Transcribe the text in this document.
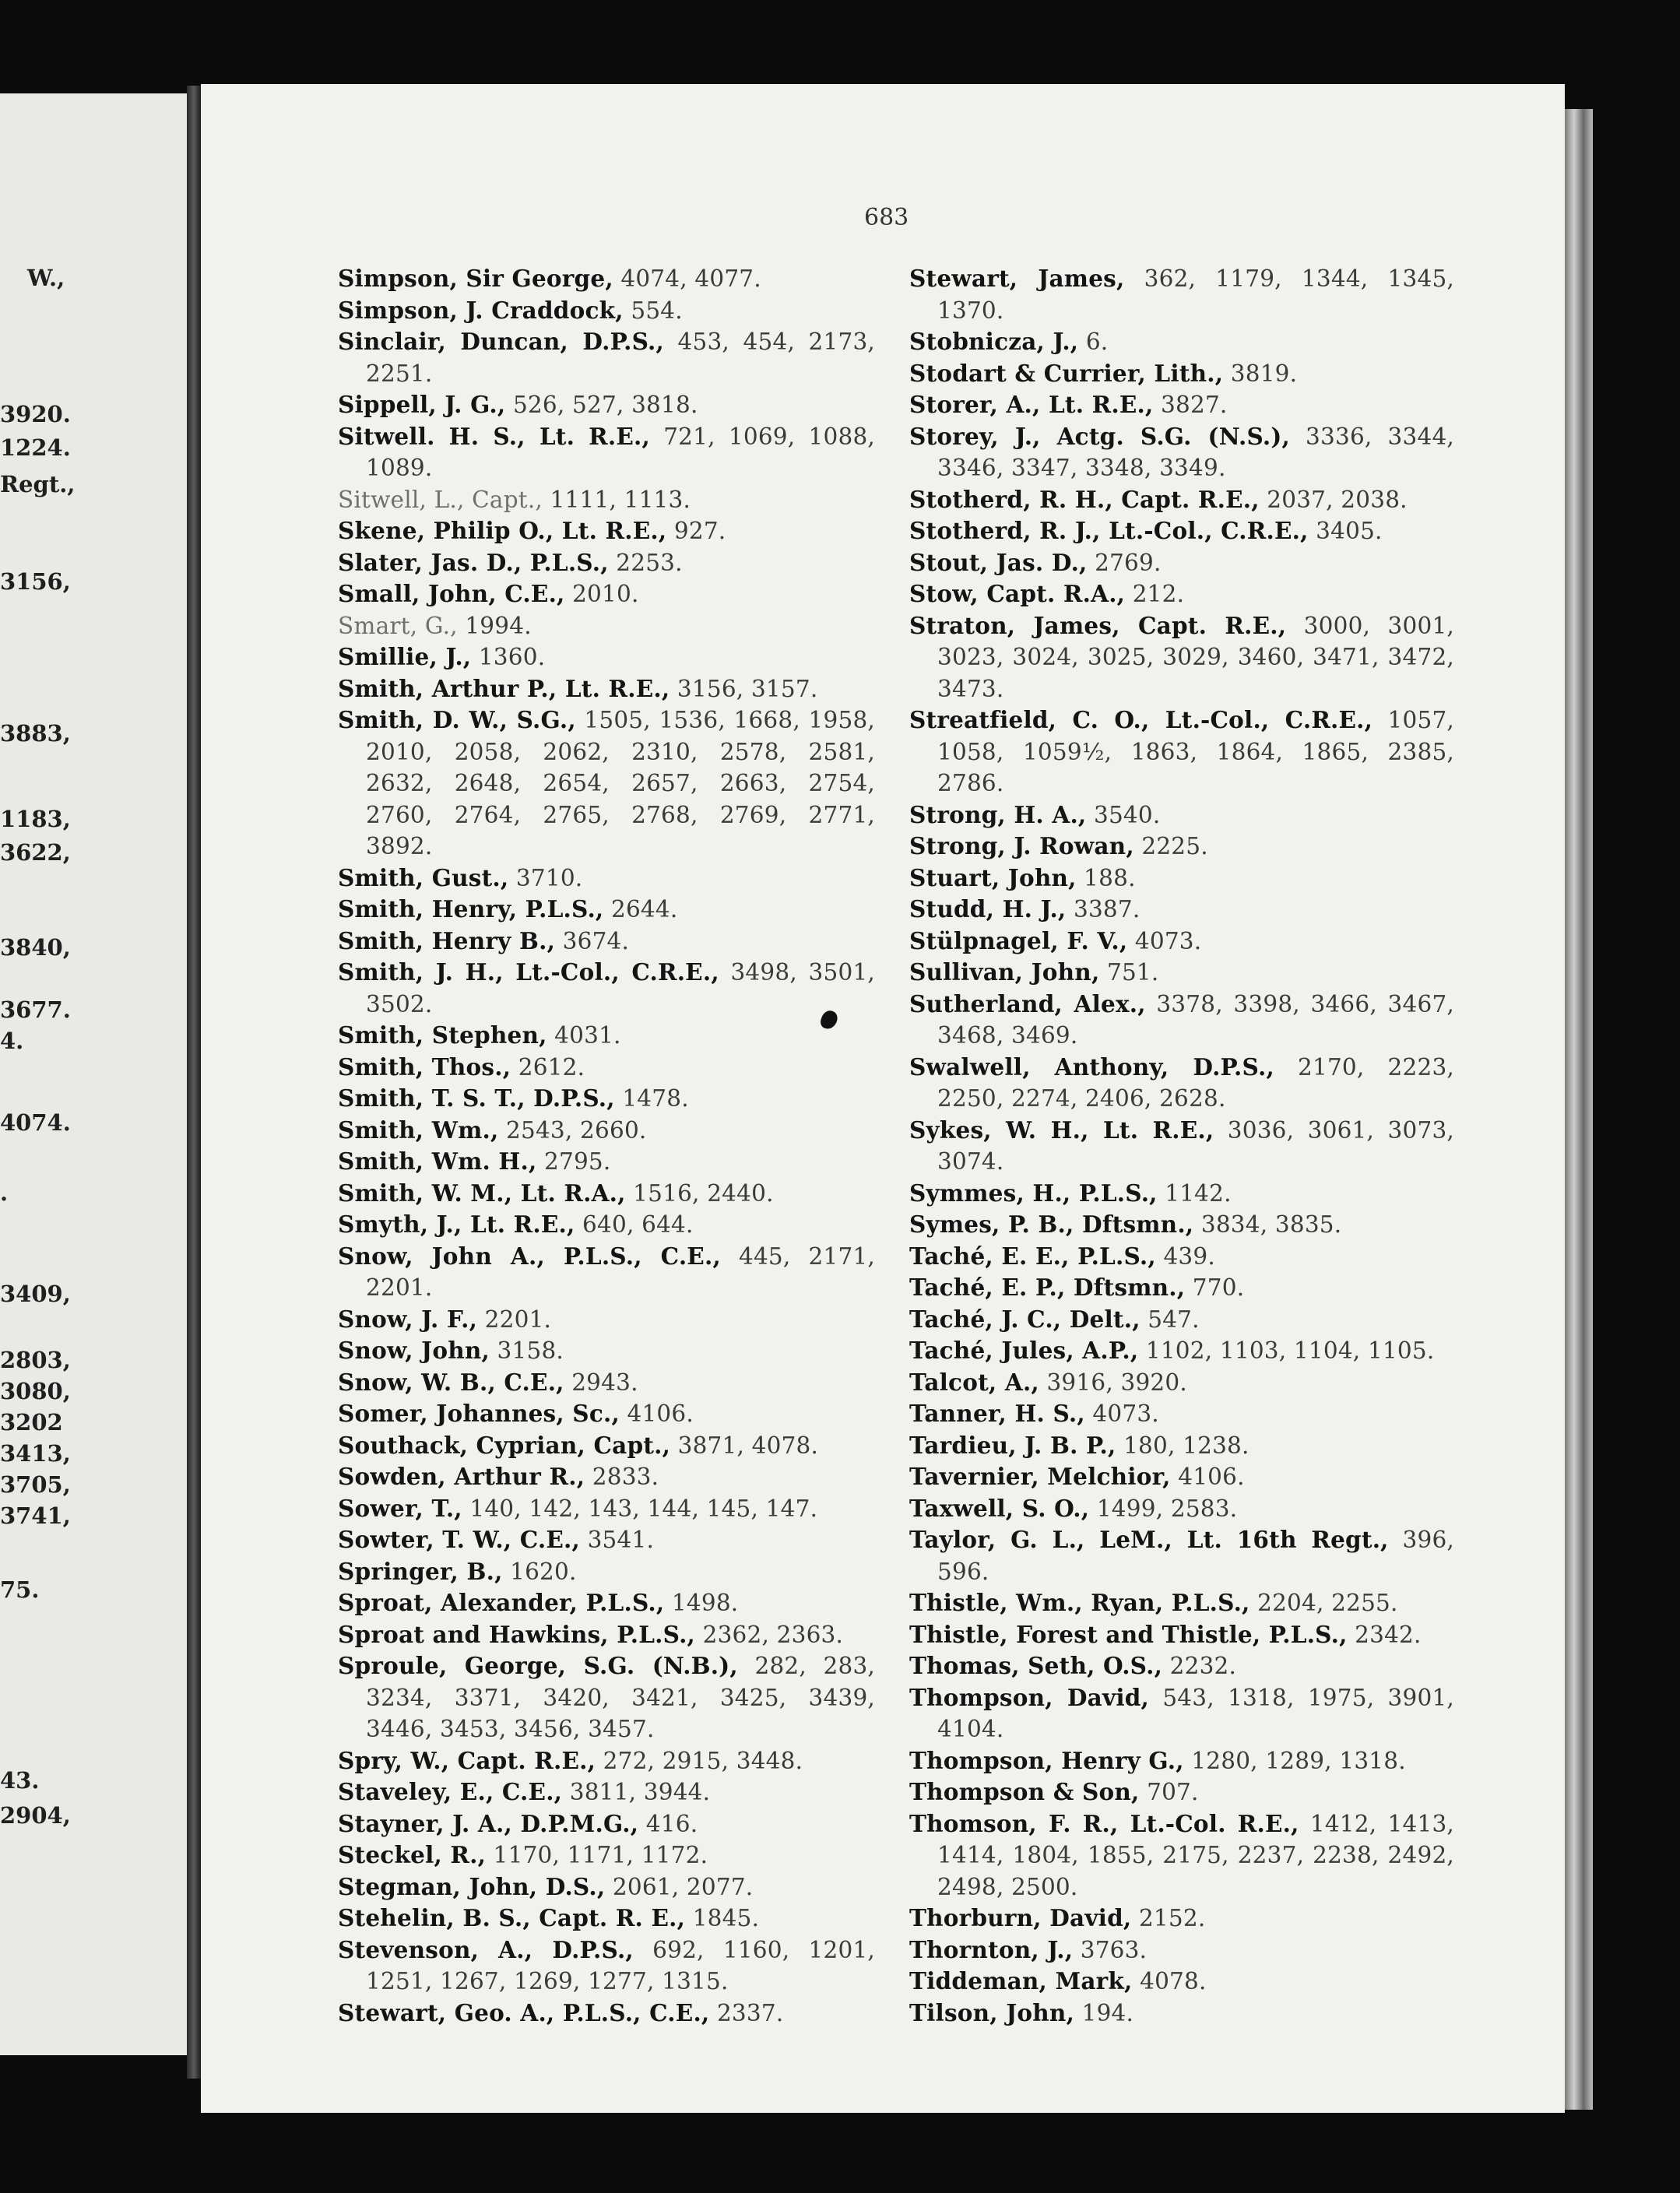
W.,
3920.
1224.
Regt.,
3156,
3883,
1183,
3622,
3840,
3677.
4.
4074.
.
3409,
2803,
3080,
3202
3413,
3705,
3741,
75.
43.
2904,
683
Simpson, Sir George, 4074, 4077.
Simpson, J. Craddock, 554.
Sinclair, Duncan, D.P.S., 453, 454, 2173, 2251.
Sippell, J. G., 526, 527, 3818.
Sitwell. H. S., Lt. R.E., 721, 1069, 1088, 1089.
Sitwell, L., Capt., 1111, 1113.
Skene, Philip O., Lt. R.E., 927.
Slater, Jas. D., P.L.S., 2253.
Small, John, C.E., 2010.
Smart, G., 1994.
Smillie, J., 1360.
Smith, Arthur P., Lt. R.E., 3156, 3157.
Smith, D. W., S.G., 1505, 1536, 1668, 1958, 2010, 2058, 2062, 2310, 2578, 2581, 2632, 2648, 2654, 2657, 2663, 2754, 2760, 2764, 2765, 2768, 2769, 2771, 3892.
Smith, Gust., 3710.
Smith, Henry, P.L.S., 2644.
Smith, Henry B., 3674.
Smith, J. H., Lt.-Col., C.R.E., 3498, 3501, 3502.
Smith, Stephen, 4031.
Smith, Thos., 2612.
Smith, T. S. T., D.P.S., 1478.
Smith, Wm., 2543, 2660.
Smith, Wm. H., 2795.
Smith, W. M., Lt. R.A., 1516, 2440.
Smyth, J., Lt. R.E., 640, 644.
Snow, John A., P.L.S., C.E., 445, 2171, 2201.
Snow, J. F., 2201.
Snow, John, 3158.
Snow, W. B., C.E., 2943.
Somer, Johannes, Sc., 4106.
Southack, Cyprian, Capt., 3871, 4078.
Sowden, Arthur R., 2833.
Sower, T., 140, 142, 143, 144, 145, 147.
Sowter, T. W., C.E., 3541.
Springer, B., 1620.
Sproat, Alexander, P.L.S., 1498.
Sproat and Hawkins, P.L.S., 2362, 2363.
Sproule, George, S.G. (N.B.), 282, 283, 3234, 3371, 3420, 3421, 3425, 3439, 3446, 3453, 3456, 3457.
Spry, W., Capt. R.E., 272, 2915, 3448.
Staveley, E., C.E., 3811, 3944.
Stayner, J. A., D.P.M.G., 416.
Steckel, R., 1170, 1171, 1172.
Stegman, John, D.S., 2061, 2077.
Stehelin, B. S., Capt. R. E., 1845.
Stevenson, A., D.P.S., 692, 1160, 1201, 1251, 1267, 1269, 1277, 1315.
Stewart, Geo. A., P.L.S., C.E., 2337.
Stewart, James, 362, 1179, 1344, 1345, 1370.
Stobnicza, J., 6.
Stodart & Currier, Lith., 3819.
Storer, A., Lt. R.E., 3827.
Storey, J., Actg. S.G. (N.S.), 3336, 3344, 3346, 3347, 3348, 3349.
Stotherd, R. H., Capt. R.E., 2037, 2038.
Stotherd, R. J., Lt.-Col., C.R.E., 3405.
Stout, Jas. D., 2769.
Stow, Capt. R.A., 212.
Straton, James, Capt. R.E., 3000, 3001, 3023, 3024, 3025, 3029, 3460, 3471, 3472, 3473.
Streatfield, C. O., Lt.-Col., C.R.E., 1057, 1058, 1059½, 1863, 1864, 1865, 2385, 2786.
Strong, H. A., 3540.
Strong, J. Rowan, 2225.
Stuart, John, 188.
Studd, H. J., 3387.
Stülpnagel, F. V., 4073.
Sullivan, John, 751.
Sutherland, Alex., 3378, 3398, 3466, 3467, 3468, 3469.
Swalwell, Anthony, D.P.S., 2170, 2223, 2250, 2274, 2406, 2628.
Sykes, W. H., Lt. R.E., 3036, 3061, 3073, 3074.
Symmes, H., P.L.S., 1142.
Symes, P. B., Dftsmn., 3834, 3835.
Taché, E. E., P.L.S., 439.
Taché, E. P., Dftsmn., 770.
Taché, J. C., Delt., 547.
Taché, Jules, A.P., 1102, 1103, 1104, 1105.
Talcot, A., 3916, 3920.
Tanner, H. S., 4073.
Tardieu, J. B. P., 180, 1238.
Tavernier, Melchior, 4106.
Taxwell, S. O., 1499, 2583.
Taylor, G. L., LeM., Lt. 16th Regt., 396, 596.
Thistle, Wm., Ryan, P.L.S., 2204, 2255.
Thistle, Forest and Thistle, P.L.S., 2342.
Thomas, Seth, O.S., 2232.
Thompson, David, 543, 1318, 1975, 3901, 4104.
Thompson, Henry G., 1280, 1289, 1318.
Thompson & Son, 707.
Thomson, F. R., Lt.-Col. R.E., 1412, 1413, 1414, 1804, 1855, 2175, 2237, 2238, 2492, 2498, 2500.
Thorburn, David, 2152.
Thornton, J., 3763.
Tiddeman, Mark, 4078.
Tilson, John, 194.
